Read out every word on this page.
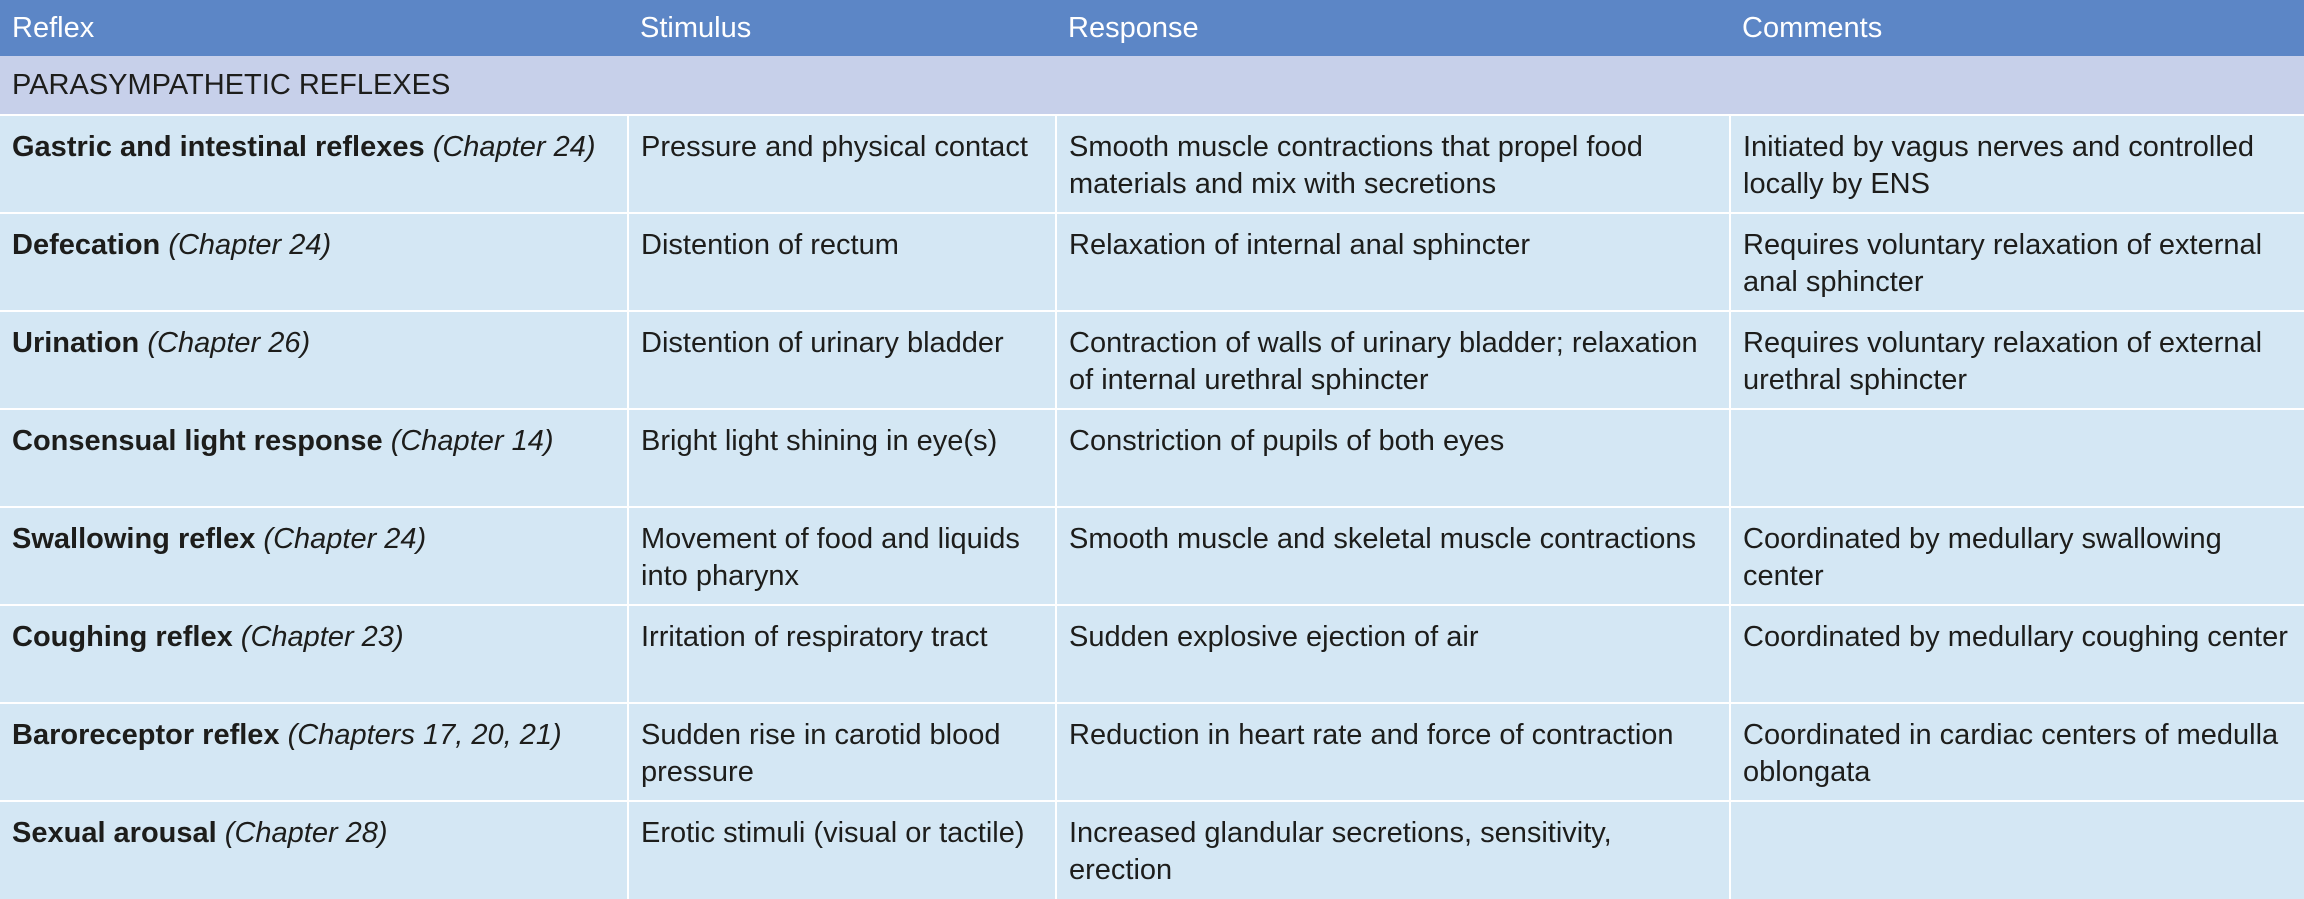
Reflex	Stimulus	Response	Comments
PARASYMPATHETIC REFLEXES			
Gastric and intestinal reflexes (Chapter 24)	Pressure and physical contact	Smooth muscle contractions that propel food materials and mix with secretions	Initiated by vagus nerves and controlled locally by ENS
Defecation (Chapter 24)	Distention of rectum	Relaxation of internal anal sphincter	Requires voluntary relaxation of external anal sphincter
Urination (Chapter 26)	Distention of urinary bladder	Contraction of walls of urinary bladder; relaxation of internal urethral sphincter	Requires voluntary relaxation of external urethral sphincter
Consensual light response (Chapter 14)	Bright light shining in eye(s)	Constriction of pupils of both eyes	
Swallowing reflex (Chapter 24)	Movement of food and liquids into pharynx	Smooth muscle and skeletal muscle contractions	Coordinated by medullary swallowing center
Coughing reflex (Chapter 23)	Irritation of respiratory tract	Sudden explosive ejection of air	Coordinated by medullary coughing center
Baroreceptor reflex (Chapters 17, 20, 21)	Sudden rise in carotid blood pressure	Reduction in heart rate and force of contraction	Coordinated in cardiac centers of medulla oblongata
Sexual arousal (Chapter 28)	Erotic stimuli (visual or tactile)	Increased glandular secretions, sensitivity, erection	
